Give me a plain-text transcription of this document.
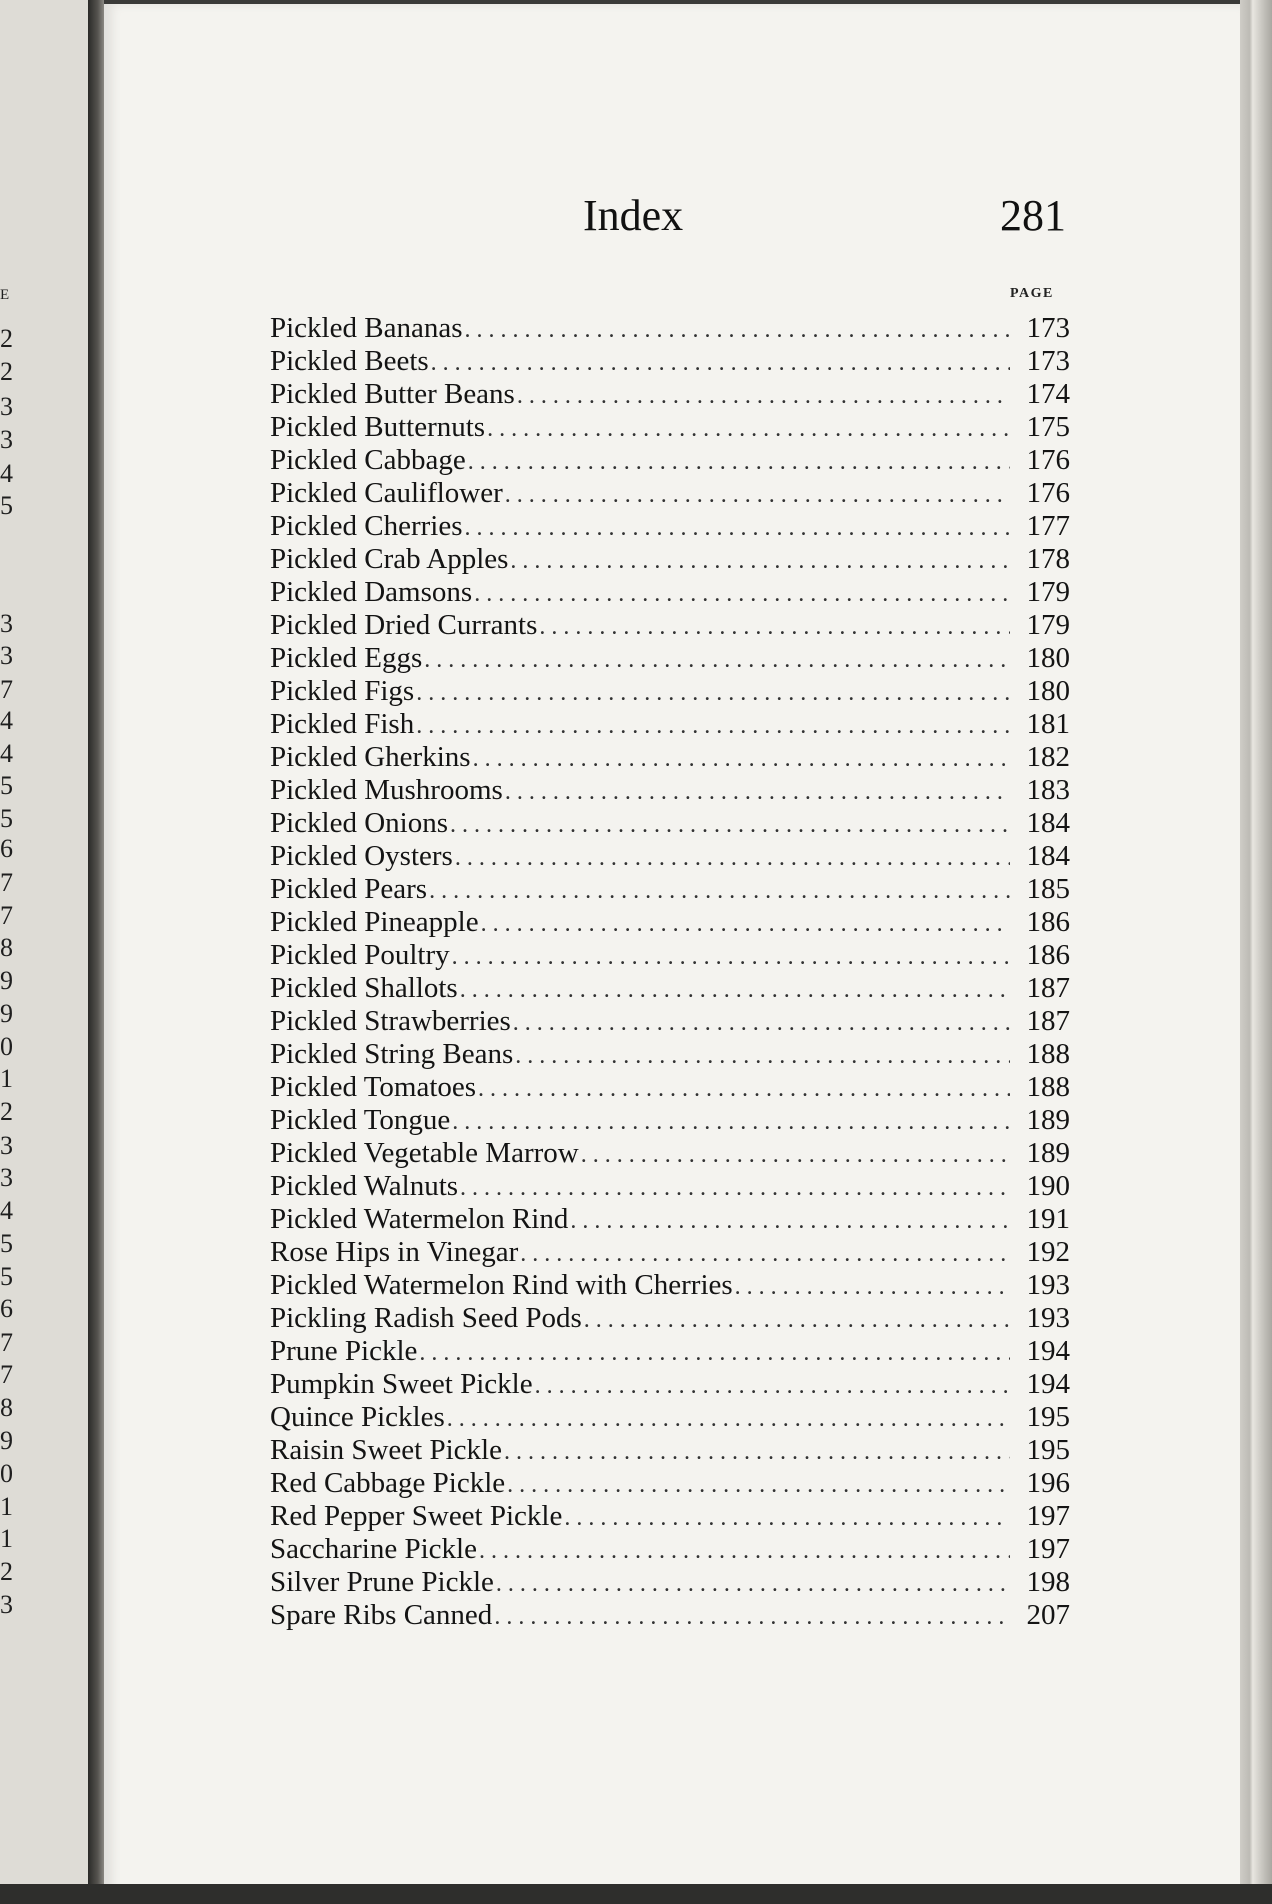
E
2
2
3
3
4
5
3
3
7
4
4
5
5
6
7
7
8
9
9
0
1
2
3
3
4
5
5
6
7
7
8
9
0
1
1
2
3
Index	281
PAGE
Pickled Bananas .....	173
Pickled Beets .....	173
Pickled Butter Beans .....	174
Pickled Butternuts .....	175
Pickled Cabbage .....	176
Pickled Cauliflower .....	176
Pickled Cherries .....	177
Pickled Crab Apples .....	178
Pickled Damsons .....	179
Pickled Dried Currants .....	179
Pickled Eggs .....	180
Pickled Figs .....	180
Pickled Fish .....	181
Pickled Gherkins .....	182
Pickled Mushrooms .....	183
Pickled Onions .....	184
Pickled Oysters .....	184
Pickled Pears .....	185
Pickled Pineapple .....	186
Pickled Poultry .....	186
Pickled Shallots .....	187
Pickled Strawberries .....	187
Pickled String Beans .....	188
Pickled Tomatoes .....	188
Pickled Tongue .....	189
Pickled Vegetable Marrow .....	189
Pickled Walnuts .....	190
Pickled Watermelon Rind .....	191
Rose Hips in Vinegar .....	192
Pickled Watermelon Rind with Cherries .....	193
Pickling Radish Seed Pods .....	193
Prune Pickle .....	194
Pumpkin Sweet Pickle .....	194
Quince Pickles .....	195
Raisin Sweet Pickle .....	195
Red Cabbage Pickle .....	196
Red Pepper Sweet Pickle .....	197
Saccharine Pickle .....	197
Silver Prune Pickle .....	198
Spare Ribs Canned .....	207
